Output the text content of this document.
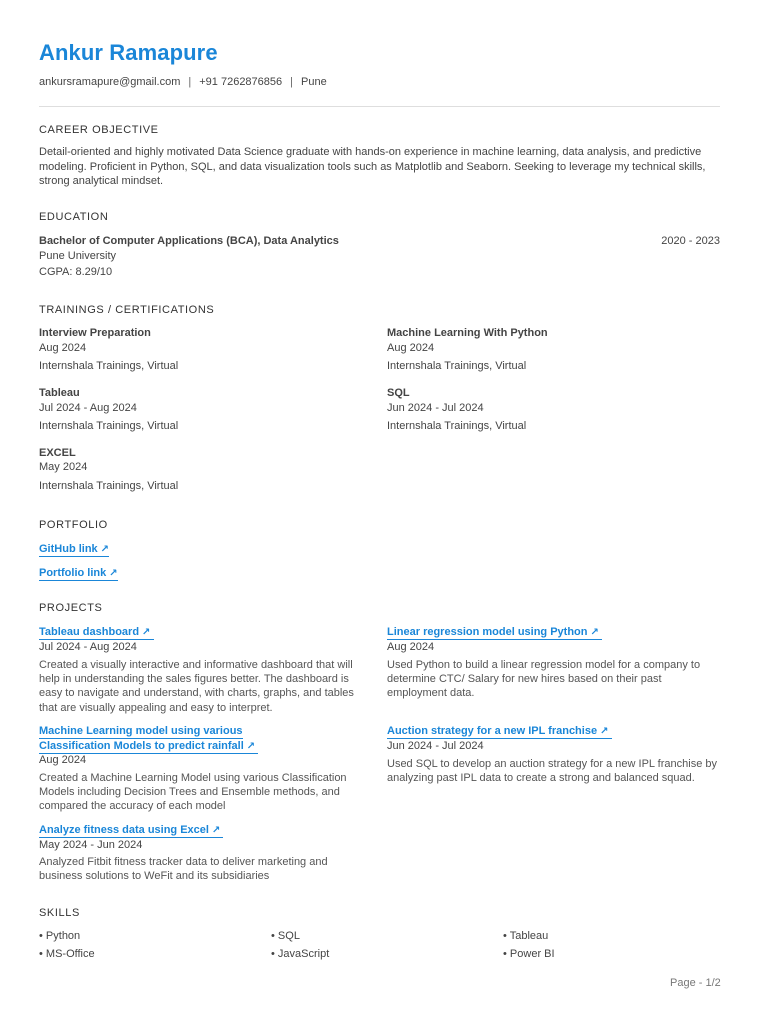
Ankur Ramapure
ankursramapure@gmail.com | +91 7262876856 | Pune
CAREER OBJECTIVE
Detail-oriented and highly motivated Data Science graduate with hands-on experience in machine learning, data analysis, and predictive modeling. Proficient in Python, SQL, and data visualization tools such as Matplotlib and Seaborn. Seeking to leverage my technical skills, strong analytical mindset.
EDUCATION
Bachelor of Computer Applications (BCA), Data Analytics	2020 - 2023
Pune University
CGPA: 8.29/10
TRAININGS / CERTIFICATIONS
Interview Preparation
Aug 2024
Internshala Trainings, Virtual
Machine Learning With Python
Aug 2024
Internshala Trainings, Virtual
Tableau
Jul 2024 - Aug 2024
Internshala Trainings, Virtual
SQL
Jun 2024 - Jul 2024
Internshala Trainings, Virtual
EXCEL
May 2024
Internshala Trainings, Virtual
PORTFOLIO
GitHub link ↗
Portfolio link ↗
PROJECTS
Tableau dashboard ↗
Jul 2024 - Aug 2024
Created a visually interactive and informative dashboard that will help in understanding the sales figures better. The dashboard is easy to navigate and understand, with charts, graphs, and tables that are visually appealing and easy to interpret.
Linear regression model using Python ↗
Aug 2024
Used Python to build a linear regression model for a company to determine CTC/ Salary for new hires based on their past employment data.
Machine Learning model using various
Classification Models to predict rainfall ↗
Aug 2024
Created a Machine Learning Model using various Classification Models including Decision Trees and Ensemble methods, and compared the accuracy of each model
Auction strategy for a new IPL franchise ↗
Jun 2024 - Jul 2024
Used SQL to develop an auction strategy for a new IPL franchise by analyzing past IPL data to create a strong and balanced squad.
Analyze fitness data using Excel ↗
May 2024 - Jun 2024
Analyzed Fitbit fitness tracker data to deliver marketing and business solutions to WeFit and its subsidiaries
SKILLS
• Python	• SQL	• Tableau
• MS-Office	• JavaScript	• Power BI
Page - 1/2
